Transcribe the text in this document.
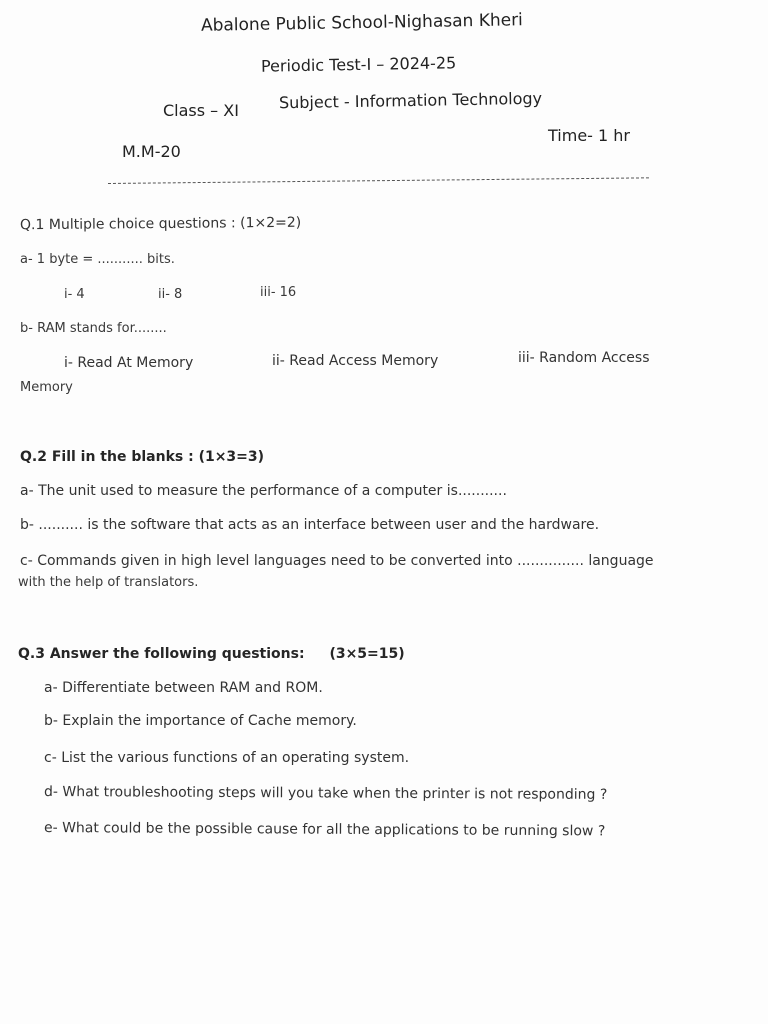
Abalone Public School-Nighasan Kheri
Periodic Test-I – 2024-25
Class – XI Subject - Information Technology
Time- 1 hr
M.M-20
Q.1 Multiple choice questions : (1×2=2)
a- 1 byte = ........... bits.
i- 4	ii- 8	iii- 16
b- RAM stands for........
i- Read At Memory	ii- Read Access Memory	iii- Random Access
Memory
Q.2 Fill in the blanks : (1×3=3)
a- The unit used to measure the performance of a computer is...........
b- .......... is the software that acts as an interface between user and the hardware.
c- Commands given in high level languages need to be converted into ............... language
with the help of translators.
Q.3 Answer the following questions: (3×5=15)
a- Differentiate between RAM and ROM.
b- Explain the importance of Cache memory.
c- List the various functions of an operating system.
d- What troubleshooting steps will you take when the printer is not responding ?
e- What could be the possible cause for all the applications to be running slow ?
